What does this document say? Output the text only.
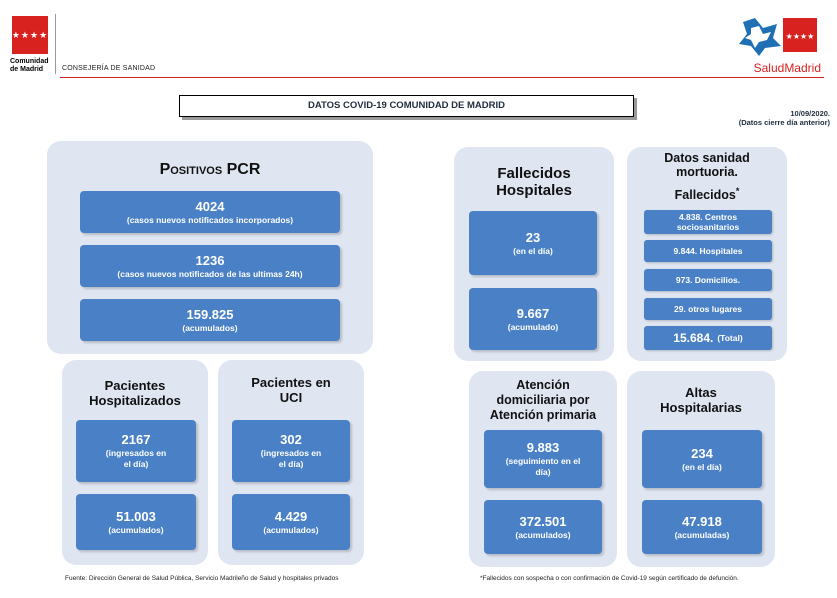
★★★★
Comunidad
de Madrid	CONSEJERÍA DE SANIDAD
★★★★
SaludMadrid
DATOS COVID-19 COMUNIDAD DE MADRID
10/09/2020.
(Datos cierre día anterior)
Positivos PCR
4024
(casos nuevos notificados incorporados)
1236
(casos nuevos notificados de las ultimas 24h)
159.825
(acumulados)
Pacientes
Hospitalizados
2167
(ingresados en
el día)
51.003
(acumulados)
Pacientes en
UCI
302
(ingresados en
el día)
4.429
(acumulados)
Fallecidos
Hospitales
23
(en el día)
9.667
(acumulado)
Datos sanidad
mortuoria.
Fallecidos*
4.838. Centros
sociosanitarios
9.844. Hospitales
973. Domicilios.
29. otros lugares
15.684. (Total)
Atención
domiciliaria por
Atención primaria
9.883
(seguimiento en el
día)
372.501
(acumulados)
Altas
Hospitalarias
234
(en el día)
47.918
(acumuladas)
Fuente: Dirección General de Salud Pública, Servicio Madrileño de Salud y hospitales privados	*Fallecidos con sospecha o con confirmación de Covid-19 según certificado de defunción.
